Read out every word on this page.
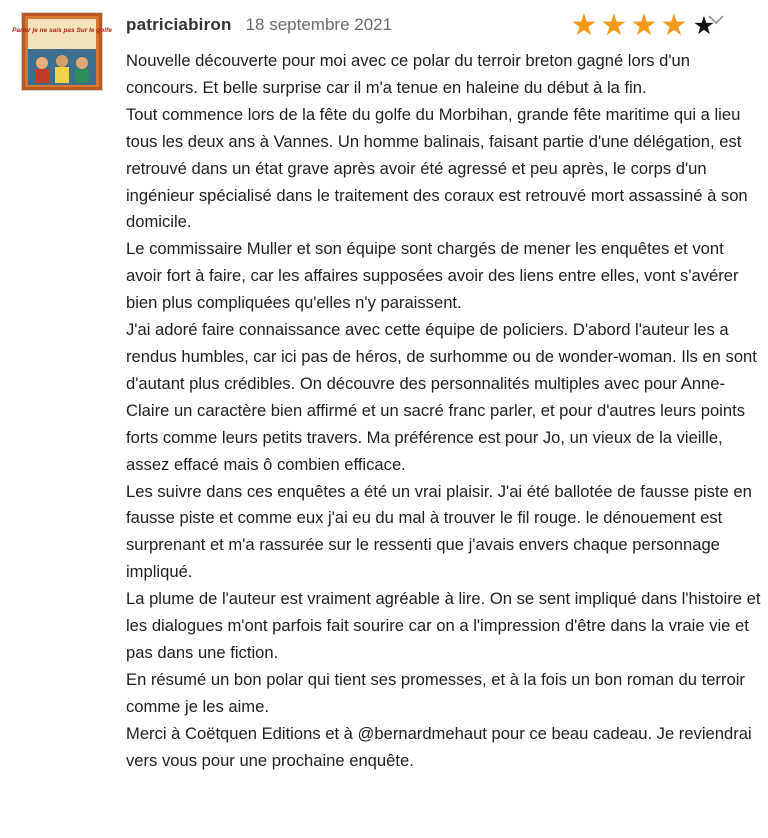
Parler je ne sais pas Sur le golfe patriciabiron 18 septembre 2021	★ ★ ★ ★ ★

Nouvelle découverte pour moi avec ce polar du terroir breton gagné lors d'un concours. Et belle surprise car il m'a tenue en haleine du début à la fin.

Tout commence lors de la fête du golfe du Morbihan, grande fête maritime qui a lieu tous les deux ans à Vannes. Un homme balinais, faisant partie d'une délégation, est retrouvé dans un état grave après avoir été agressé et peu après, le corps d'un ingénieur spécialisé dans le traitement des coraux est retrouvé mort assassiné à son domicile.

Le commissaire Muller et son équipe sont chargés de mener les enquêtes et vont avoir fort à faire, car les affaires supposées avoir des liens entre elles, vont s'avérer bien plus compliquées qu'elles n'y paraissent.

J'ai adoré faire connaissance avec cette équipe de policiers. D'abord l'auteur les a rendus humbles, car ici pas de héros, de surhomme ou de wonder-woman. Ils en sont d'autant plus crédibles. On découvre des personnalités multiples avec pour Anne-Claire un caractère bien affirmé et un sacré franc parler, et pour d'autres leurs points forts comme leurs petits travers. Ma préférence est pour Jo, un vieux de la vieille, assez effacé mais ô combien efficace.

Les suivre dans ces enquêtes a été un vrai plaisir. J'ai été ballotée de fausse piste en fausse piste et comme eux j'ai eu du mal à trouver le fil rouge. le dénouement est surprenant et m'a rassurée sur le ressenti que j'avais envers chaque personnage impliqué.

La plume de l'auteur est vraiment agréable à lire. On se sent impliqué dans l'histoire et les dialogues m'ont parfois fait sourire car on a l'impression d'être dans la vraie vie et pas dans une fiction.

En résumé un bon polar qui tient ses promesses, et à la fois un bon roman du terroir comme je les aime.

Merci à Coëtquen Editions et à @bernardmehaut pour ce beau cadeau. Je reviendrai vers vous pour une prochaine enquête.
